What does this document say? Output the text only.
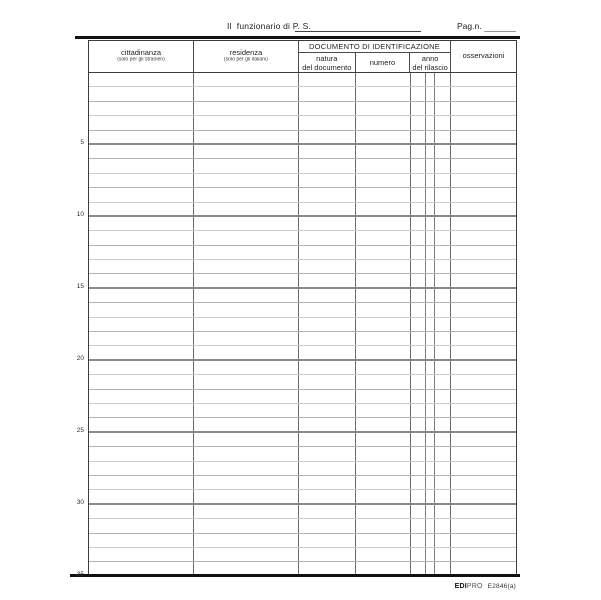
Il  funzionario di P. S.	Pag.n.
cittadinanza
(solo per gli stranieri)
residenza
(solo per gli italiani)
DOCUMENTO DI IDENTIFICAZIONE
natura
del documento numero	anno
del rilascio
osservazioni
EDIPRO E2846(a)
5
10
15
20
25
30
35
